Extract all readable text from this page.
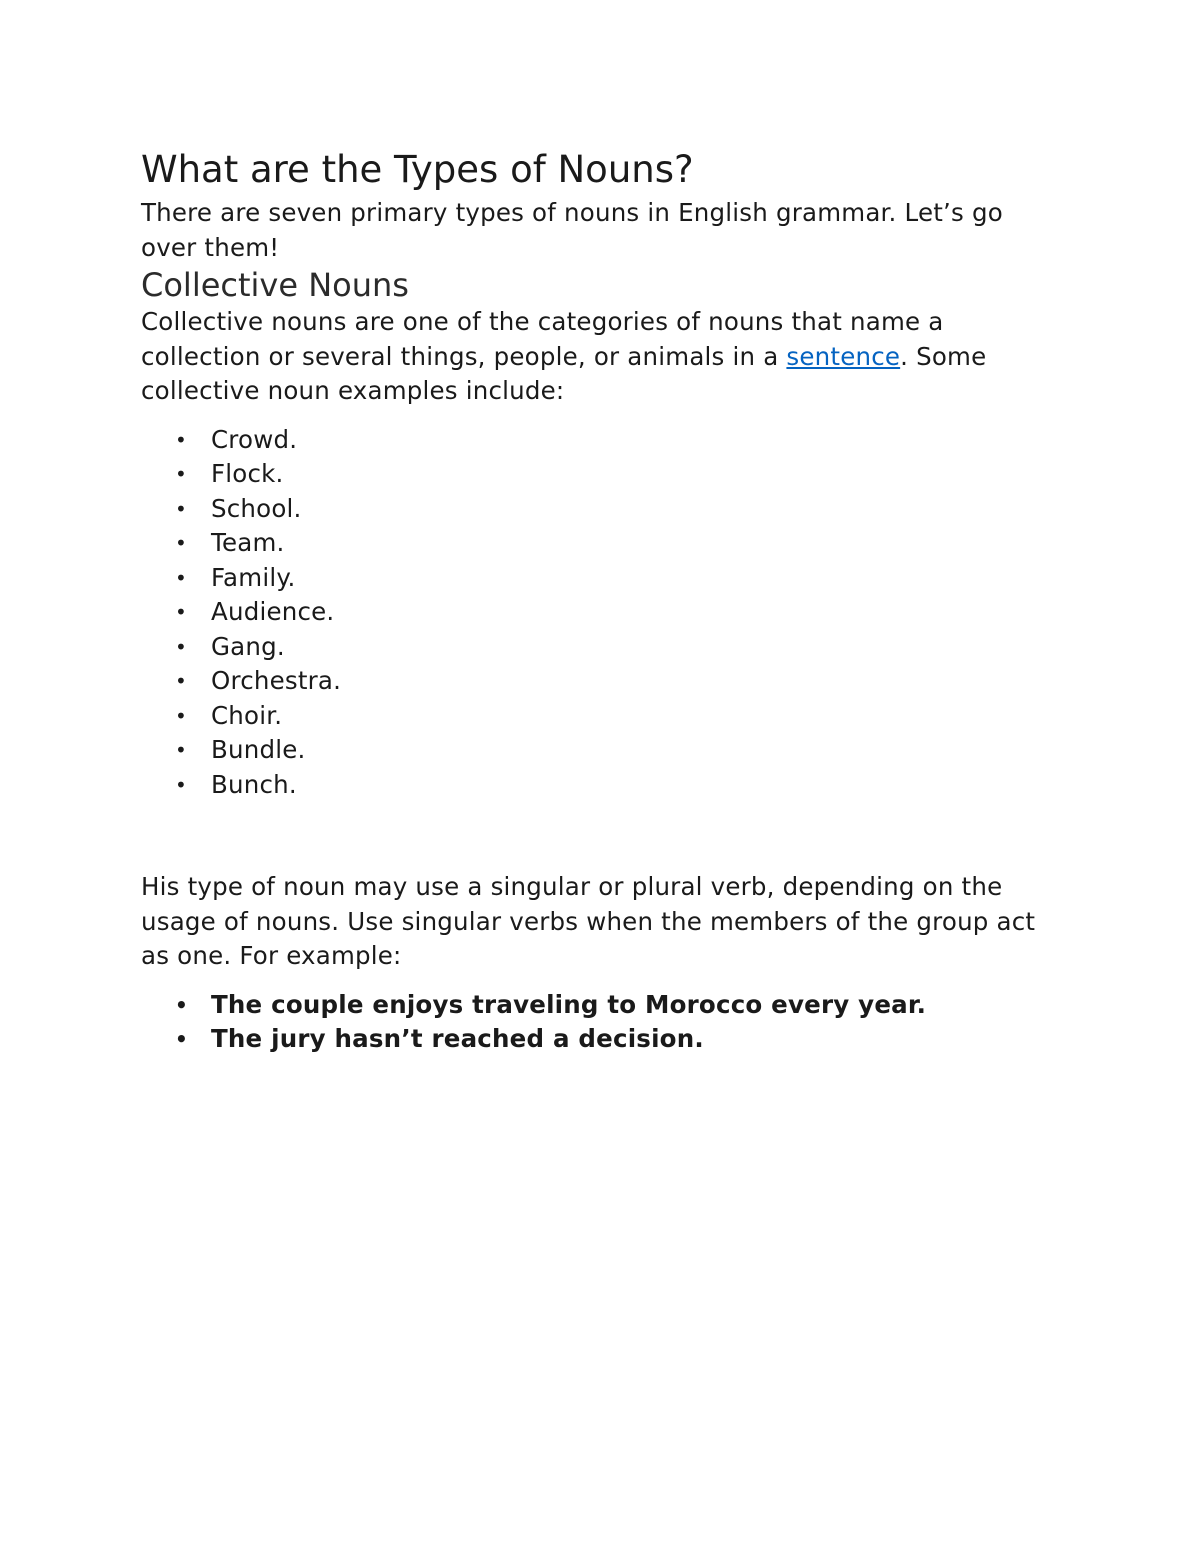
What are the Types of Nouns?

There are seven primary types of nouns in English grammar. Let’s go over them!

Collective Nouns

Collective nouns are one of the categories of nouns that name a collection or several things, people, or animals in a sentence. Some collective noun examples include:

• Crowd.
• Flock.
• School.
• Team.
• Family.
• Audience.
• Gang.
• Orchestra.
• Choir.
• Bundle.
• Bunch.

His type of noun may use a singular or plural verb, depending on the usage of nouns. Use singular verbs when the members of the group act as one. For example:

• The couple enjoys traveling to Morocco every year.
• The jury hasn’t reached a decision.
